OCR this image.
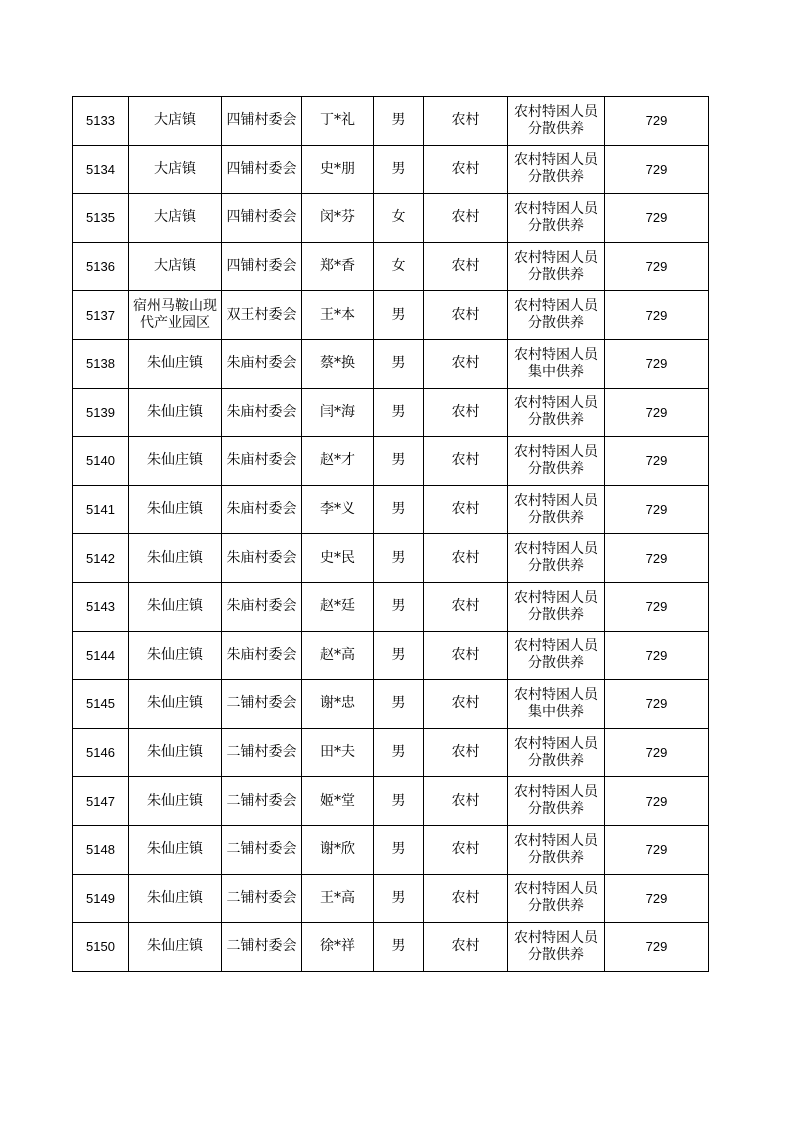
5133	大店镇	四铺村委会	丁*礼	男	农村	农村特困人员分散供养	729
5134	大店镇	四铺村委会	史*朋	男	农村	农村特困人员分散供养	729
5135	大店镇	四铺村委会	闵*芬	女	农村	农村特困人员分散供养	729
5136	大店镇	四铺村委会	郑*香	女	农村	农村特困人员分散供养	729
5137	宿州马鞍山现代产业园区	双王村委会	王*本	男	农村	农村特困人员分散供养	729
5138	朱仙庄镇	朱庙村委会	蔡*换	男	农村	农村特困人员集中供养	729
5139	朱仙庄镇	朱庙村委会	闫*海	男	农村	农村特困人员分散供养	729
5140	朱仙庄镇	朱庙村委会	赵*才	男	农村	农村特困人员分散供养	729
5141	朱仙庄镇	朱庙村委会	李*义	男	农村	农村特困人员分散供养	729
5142	朱仙庄镇	朱庙村委会	史*民	男	农村	农村特困人员分散供养	729
5143	朱仙庄镇	朱庙村委会	赵*廷	男	农村	农村特困人员分散供养	729
5144	朱仙庄镇	朱庙村委会	赵*高	男	农村	农村特困人员分散供养	729
5145	朱仙庄镇	二铺村委会	谢*忠	男	农村	农村特困人员集中供养	729
5146	朱仙庄镇	二铺村委会	田*夫	男	农村	农村特困人员分散供养	729
5147	朱仙庄镇	二铺村委会	姬*堂	男	农村	农村特困人员分散供养	729
5148	朱仙庄镇	二铺村委会	谢*欣	男	农村	农村特困人员分散供养	729
5149	朱仙庄镇	二铺村委会	王*高	男	农村	农村特困人员分散供养	729
5150	朱仙庄镇	二铺村委会	徐*祥	男	农村	农村特困人员分散供养	729
